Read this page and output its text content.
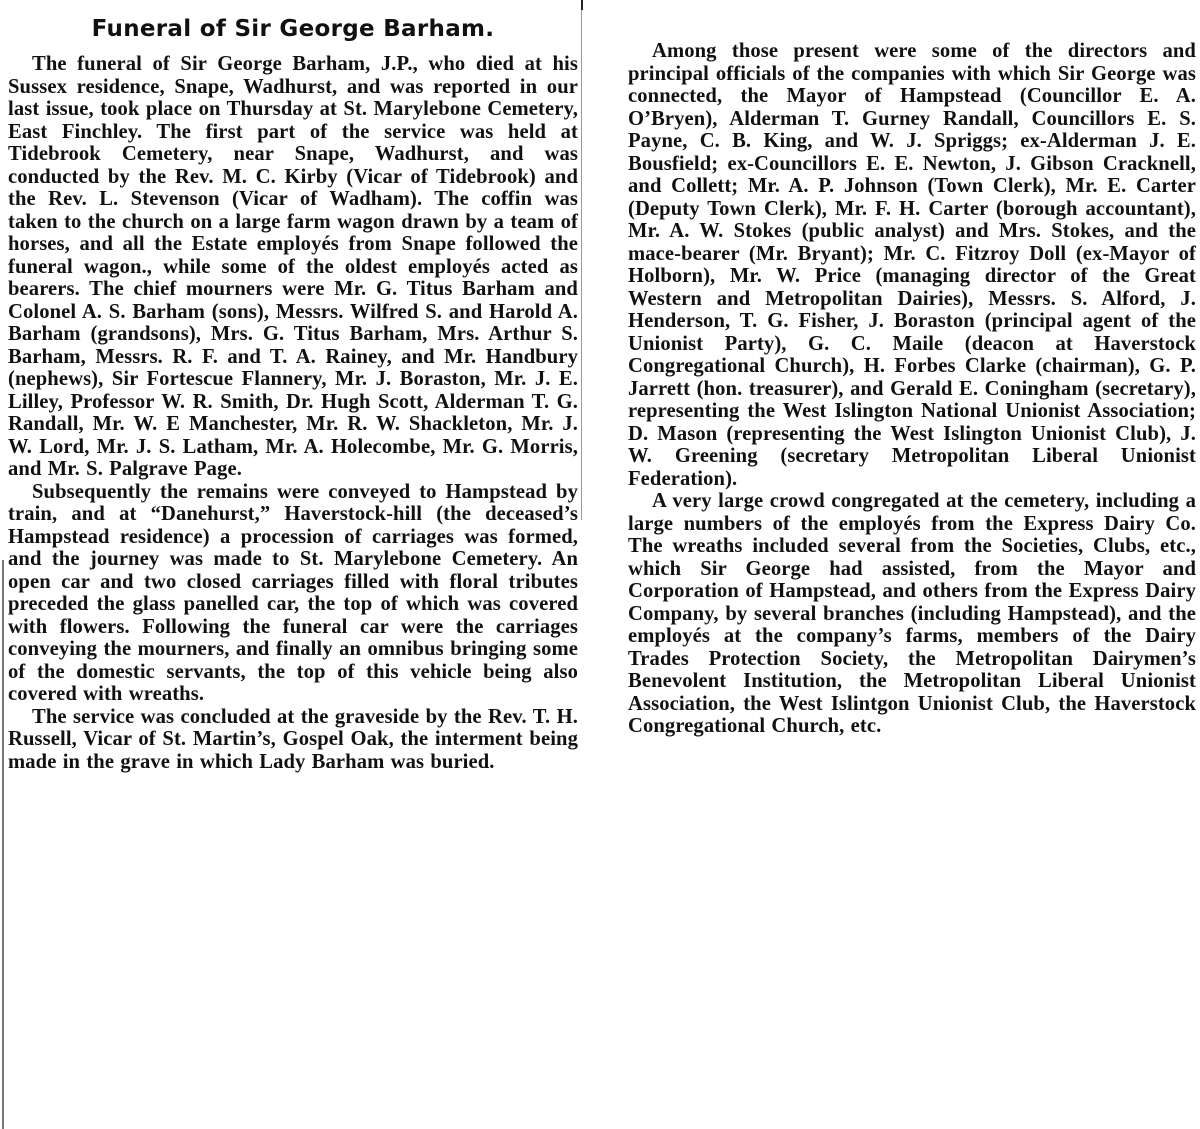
Funeral of Sir George Barham.

The funeral of Sir George Barham, J.P., who died at his Sussex residence, Snape, Wadhurst, and was reported in our last issue, took place on Thursday at St. Marylebone Cemetery, East Finchley. The first part of the service was held at Tidebrook Cemetery, near Snape, Wadhurst, and was conducted by the Rev. M. C. Kirby (Vicar of Tidebrook) and the Rev. L. Stevenson (Vicar of Wadham). The coffin was taken to the church on a large farm wagon drawn by a team of horses, and all the Estate employés from Snape followed the funeral wagon., while some of the oldest employés acted as bearers. The chief mourners were Mr. G. Titus Barham and Colonel A. S. Barham (sons), Messrs. Wilfred S. and Harold A. Barham (grandsons), Mrs. G. Titus Barham, Mrs. Arthur S. Barham, Messrs. R. F. and T. A. Rainey, and Mr. Handbury (nephews), Sir Fortescue Flannery, Mr. J. Boraston, Mr. J. E. Lilley, Professor W. R. Smith, Dr. Hugh Scott, Alderman T. G. Randall, Mr. W. E Manchester, Mr. R. W. Shackleton, Mr. J. W. Lord, Mr. J. S. Latham, Mr. A. Holecombe, Mr. G. Morris, and Mr. S. Palgrave Page.

Subsequently the remains were conveyed to Hampstead by train, and at “Danehurst,” Haverstock-hill (the deceased’s Hampstead residence) a procession of carriages was formed, and the journey was made to St. Marylebone Cemetery. An open car and two closed carriages filled with floral tributes preceded the glass panelled car, the top of which was covered with flowers. Following the funeral car were the carriages conveying the mourners, and finally an omnibus bringing some of the domestic servants, the top of this vehicle being also covered with wreaths.

The service was concluded at the graveside by the Rev. T. H. Russell, Vicar of St. Martin’s, Gospel Oak, the interment being made in the grave in which Lady Barham was buried.

Among those present were some of the directors and principal officials of the companies with which Sir George was connected, the Mayor of Hampstead (Councillor E. A. O’Bryen), Alderman T. Gurney Randall, Councillors E. S. Payne, C. B. King, and W. J. Spriggs; ex-Alderman J. E. Bousfield; ex-Councillors E. E. Newton, J. Gibson Cracknell, and Collett; Mr. A. P. Johnson (Town Clerk), Mr. E. Carter (Deputy Town Clerk), Mr. F. H. Carter (borough accountant), Mr. A. W. Stokes (public analyst) and Mrs. Stokes, and the mace-bearer (Mr. Bryant); Mr. C. Fitzroy Doll (ex-Mayor of Holborn), Mr. W. Price (managing director of the Great Western and Metropolitan Dairies), Messrs. S. Alford, J. Henderson, T. G. Fisher, J. Boraston (principal agent of the Unionist Party), G. C. Maile (deacon at Haverstock Congregational Church), H. Forbes Clarke (chairman), G. P. Jarrett (hon. treasurer), and Gerald E. Coningham (secretary), representing the West Islington National Unionist Association; D. Mason (representing the West Islington Unionist Club), J. W. Greening (secretary Metropolitan Liberal Unionist Federation).

A very large crowd congregated at the cemetery, including a large numbers of the employés from the Express Dairy Co. The wreaths included several from the Societies, Clubs, etc., which Sir George had assisted, from the Mayor and Corporation of Hampstead, and others from the Express Dairy Company, by several branches (including Hampstead), and the employés at the company’s farms, members of the Dairy Trades Protection Society, the Metropolitan Dairymen’s Benevolent Institution, the Metropolitan Liberal Unionist Association, the West Islintgon Unionist Club, the Haverstock Congregational Church, etc.
